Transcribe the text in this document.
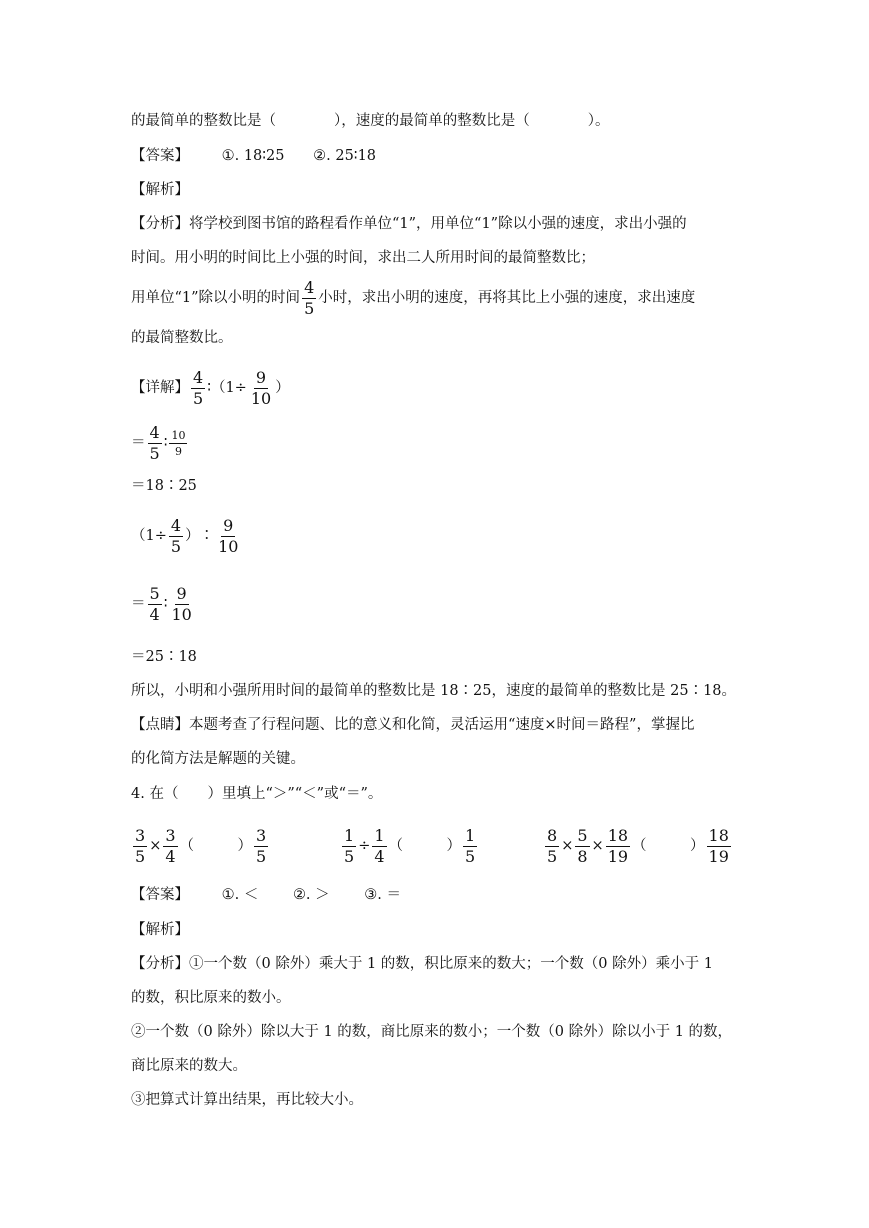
的最简单的整数比是（　　　　），速度的最简单的整数比是（　　　　）。
【答案】 ①. 18∶25 ②. 25∶18
【解析】
【分析】将学校到图书馆的路程看作单位“1”，用单位“1”除以小强的速度，求出小强的
时间。用小明的时间比上小强的时间，求出二人所用时间的最简整数比；
用单位“1”除以小明的时间 $\frac{4}{5}$ 小时，求出小明的速度，再将其比上小强的速度，求出速度
的最简整数比。
【详解】 $\frac{4}{5}$ ∶（1÷ $\frac{9}{10}$ ）
＝ $\frac{4}{5}$ ∶ $\frac{10}{9}$
＝18∶25
（$1\div \frac{4}{5}$ ）∶ $\frac{9}{10}$
＝ $\frac{5}{4}$ ∶ $\frac{9}{10}$
＝25∶18
所以，小明和小强所用时间的最简单的整数比是 18∶25，速度的最简单的整数比是 25∶18。
【点睛】本题考查了行程问题、比的意义和化简，灵活运用“速度×时间＝路程”，掌握比
的化简方法是解题的关键。
4. 在（　　）里填上“＞”“＜”或“＝”。
$\frac{3}{5} \times \frac{3}{4}$ （　　　） $\frac{3}{5}$	$\frac{1}{5} \div \frac{1}{4}$ （　　　） $\frac{1}{5}$	$\frac{8}{5} \times \frac{5}{8} \times \frac{18}{19}$ （　　　） $\frac{18}{19}$
【答案】 ①. ＜ ②. ＞ ③. ＝
【解析】
【分析】①一个数（0 除外）乘大于 1 的数，积比原来的数大；一个数（0 除外）乘小于 1
的数，积比原来的数小。
②一个数（0 除外）除以大于 1 的数，商比原来的数小；一个数（0 除外）除以小于 1 的数，
商比原来的数大。
③把算式计算出结果，再比较大小。
